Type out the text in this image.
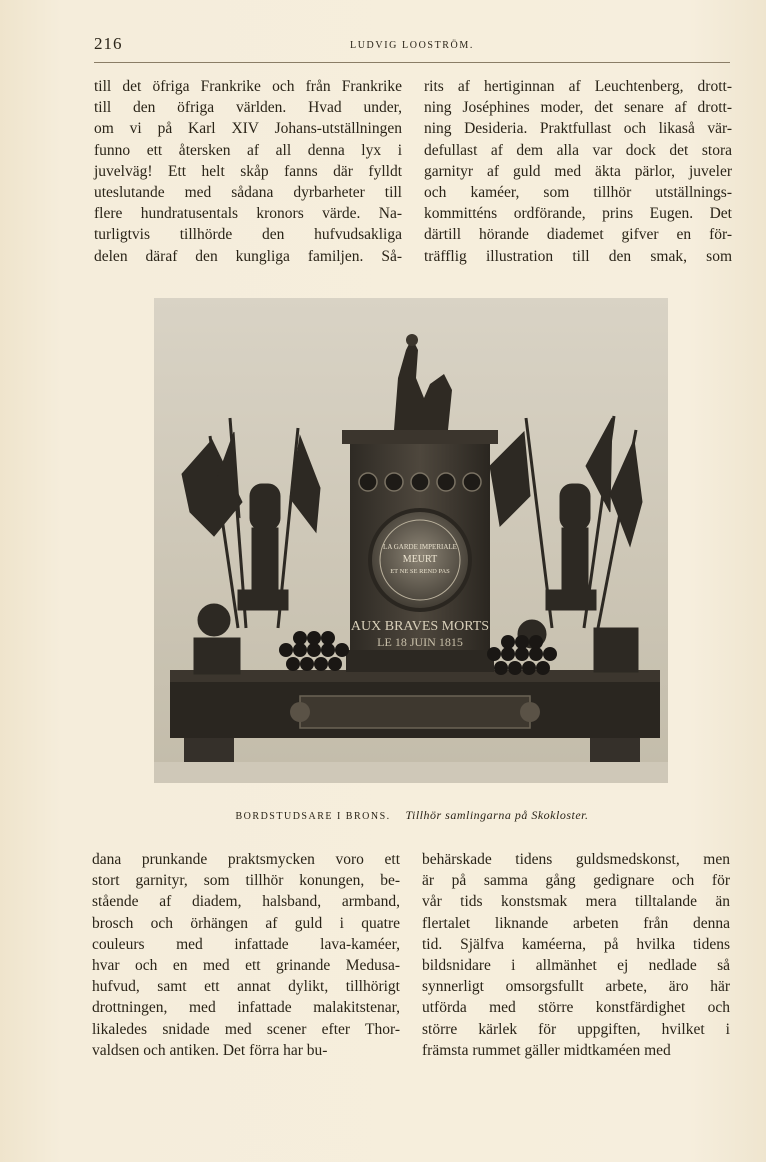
216	LUDVIG LOOSTRÖM.
till det öfriga Frankrike och från Frankrike
till den öfriga världen. Hvad under,
om vi på Karl XIV Johans-utställningen
funno ett återsken af all denna lyx i
juvelväg! Ett helt skåp fanns där fylldt
uteslutande med sådana dyrbarheter till
flere hundratusentals kronors värde. Na-
turligtvis tillhörde den hufvudsakliga
delen däraf den kungliga familjen. Så-
rits af hertiginnan af Leuchtenberg, drott-
ning Joséphines moder, det senare af drott-
ning Desideria. Praktfullast och likaså vär-
defullast af dem alla var dock det stora
garnityr af guld med äkta pärlor, juveler
och kaméer, som tillhör utställnings-
kommitténs ordförande, prins Eugen. Det
därtill hörande diademet gifver en för-
träfflig illustration till den smak, som
LA GARDE IMPERIALE
MEURT
ET NE SE REND PAS
AUX BRAVES MORTS
LE 18 JUIN 1815
BORDSTUDSARE I BRONS. Tillhör samlingarna på Skokloster.
dana prunkande praktsmycken voro ett
stort garnityr, som tillhör konungen, be-
stående af diadem, halsband, armband,
brosch och örhängen af guld i quatre
couleurs med infattade lava-kaméer,
hvar och en med ett grinande Medusa-
hufvud, samt ett annat dylikt, tillhörigt
drottningen, med infattade malakitstenar,
likaledes snidade med scener efter Thor-
valdsen och antiken. Det förra har bu-
behärskade tidens guldsmedskonst, men
är på samma gång gedignare och för
vår tids konstsmak mera tilltalande än
flertalet liknande arbeten från denna
tid. Själfva kaméerna, på hvilka tidens
bildsnidare i allmänhet ej nedlade så
synnerligt omsorgsfullt arbete, äro här
utförda med större konstfärdighet och
större kärlek för uppgiften, hvilket i
främsta rummet gäller midtkaméen med
